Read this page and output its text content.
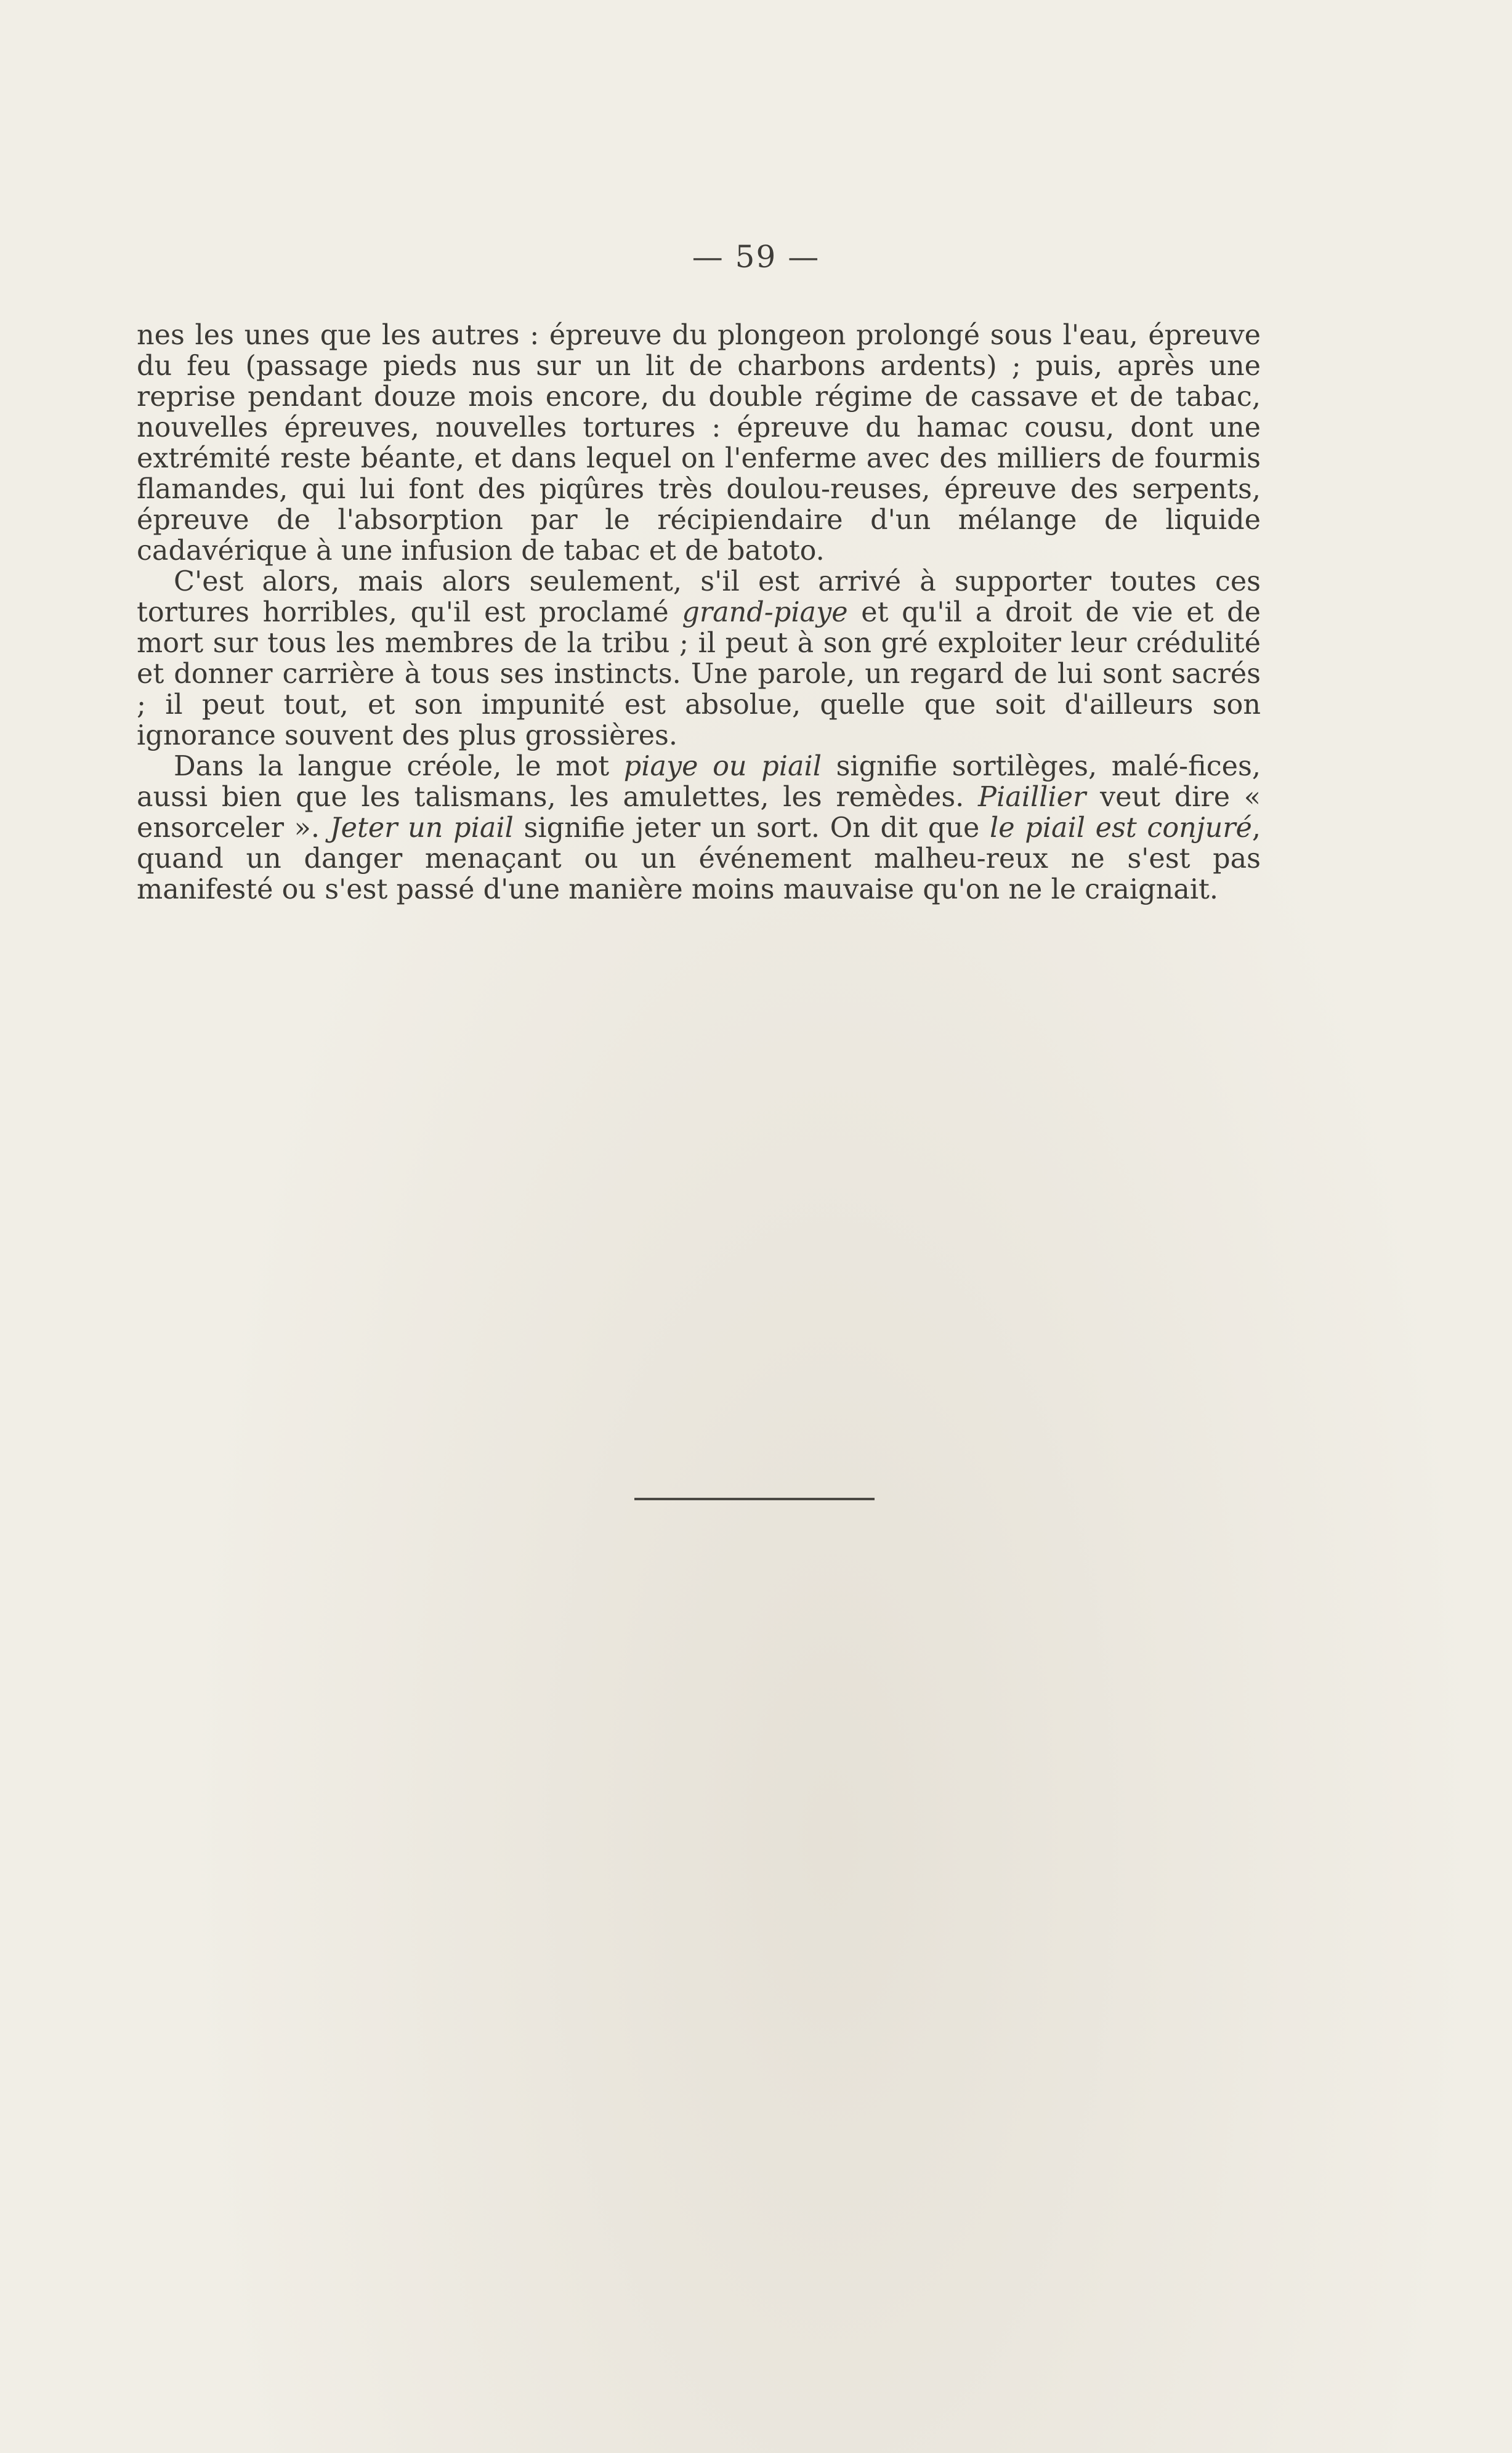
— 59 —

nes les unes que les autres : épreuve du plongeon prolongé sous l'eau, épreuve du feu (passage pieds nus sur un lit de charbons ardents) ; puis, après une reprise pendant douze mois encore, du double régime de cassave et de tabac, nouvelles épreuves, nouvelles tortures : épreuve du hamac cousu, dont une extrémité reste béante, et dans lequel on l'enferme avec des milliers de fourmis flamandes, qui lui font des piqûres très doulou-reuses, épreuve des serpents, épreuve de l'absorption par le récipiendaire d'un mélange de liquide cadavérique à une infusion de tabac et de batoto.

C'est alors, mais alors seulement, s'il est arrivé à supporter toutes ces tortures horribles, qu'il est proclamé grand-piaye et qu'il a droit de vie et de mort sur tous les membres de la tribu ; il peut à son gré exploiter leur crédulité et donner carrière à tous ses instincts. Une parole, un regard de lui sont sacrés ; il peut tout, et son impunité est absolue, quelle que soit d'ailleurs son ignorance souvent des plus grossières.

Dans la langue créole, le mot piaye ou piail signifie sortilèges, malé-fices, aussi bien que les talismans, les amulettes, les remèdes. Piaillier veut dire « ensorceler ». Jeter un piail signifie jeter un sort. On dit que le piail est conjuré, quand un danger menaçant ou un événement malheu-reux ne s'est pas manifesté ou s'est passé d'une manière moins mauvaise qu'on ne le craignait.
